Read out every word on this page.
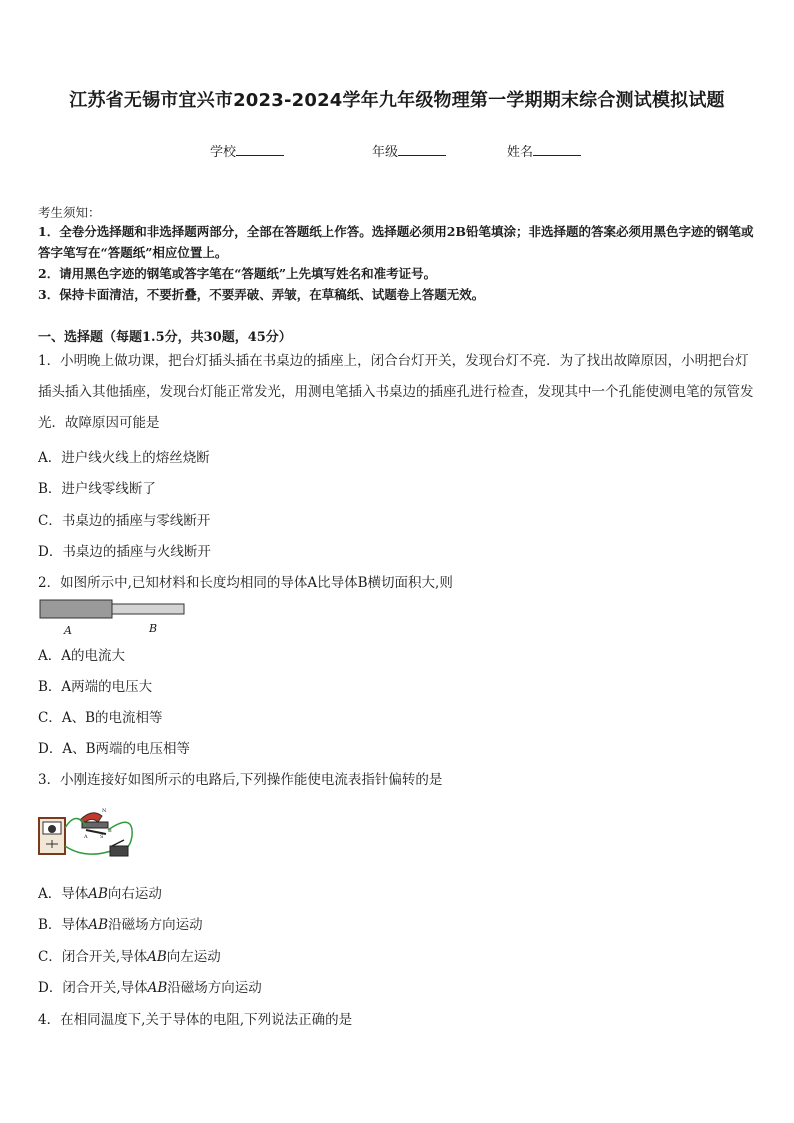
江苏省无锡市宜兴市2023-2024学年九年级物理第一学期期末综合测试模拟试题
学校	年级	姓名
考生须知：
1．全卷分选择题和非选择题两部分，全部在答题纸上作答。选择题必须用2B铅笔填涂；非选择题的答案必须用黑色字迹的钢笔或答字笔写在“答题纸”相应位置上。
2．请用黑色字迹的钢笔或答字笔在“答题纸”上先填写姓名和准考证号。
3．保持卡面清洁，不要折叠，不要弄破、弄皱，在草稿纸、试题卷上答题无效。
一、选择题（每题1.5分，共30题，45分）
1．小明晚上做功课，把台灯插头插在书桌边的插座上，闭合台灯开关，发现台灯不亮．为了找出故障原因，小明把台灯插头插入其他插座，发现台灯能正常发光，用测电笔插入书桌边的插座孔进行检查，发现其中一个孔能使测电笔的氖管发光．故障原因可能是
A．进户线火线上的熔丝烧断
B．进户线零线断了
C．书桌边的插座与零线断开
D．书桌边的插座与火线断开
2．如图所示中,已知材料和长度均相同的导体A比导体B横切面积大,则
A	B
A．A的电流大
B．A两端的电压大
C．A、B的电流相等
D．A、B两端的电压相等
3．小刚连接好如图所示的电路后,下列操作能使电流表指针偏转的是
N
S
A
B
A．导体AB向右运动
B．导体AB沿磁场方向运动
C．闭合开关,导体AB向左运动
D．闭合开关,导体AB沿磁场方向运动
4．在相同温度下,关于导体的电阻,下列说法正确的是
